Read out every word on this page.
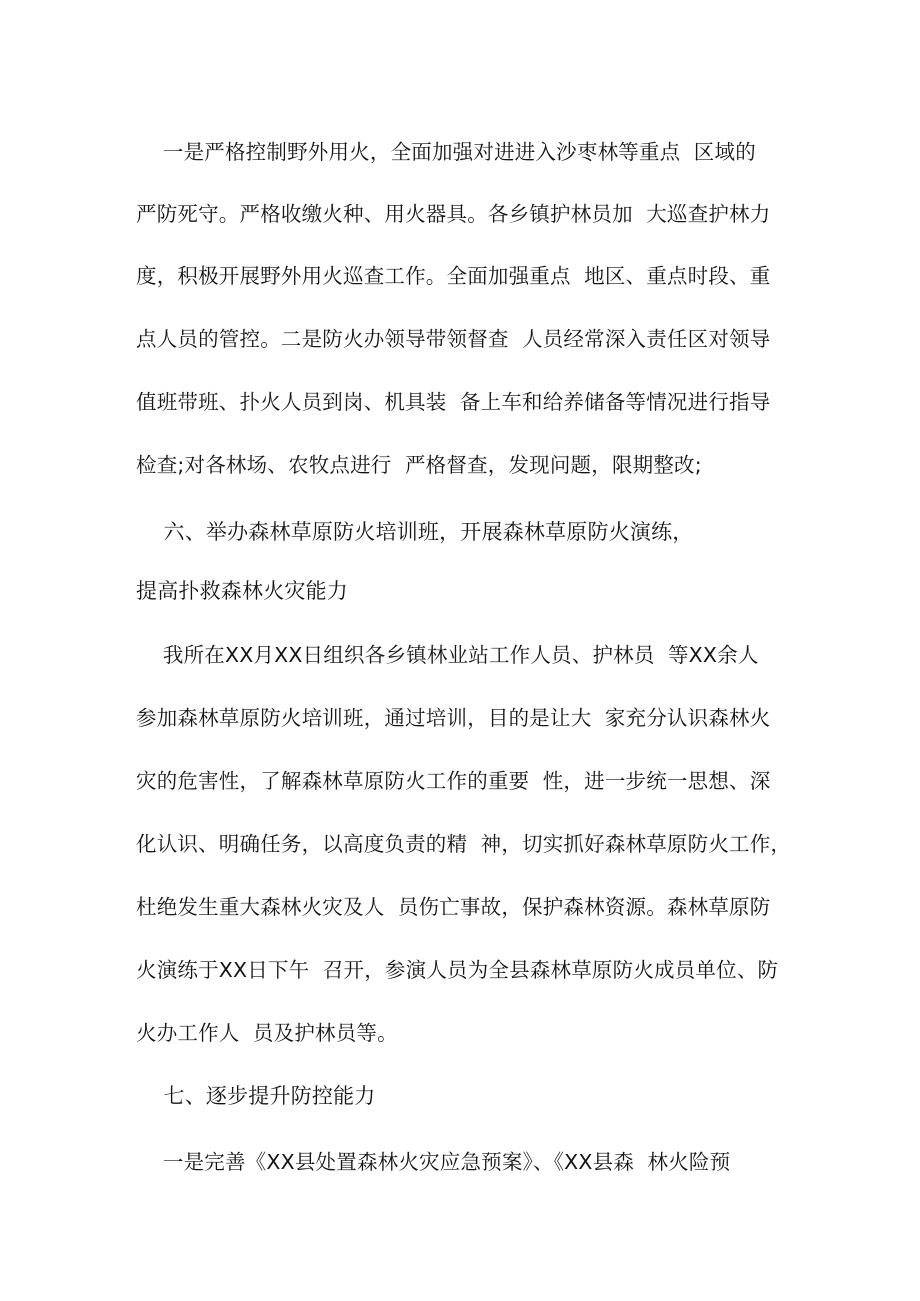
一是严格控制野外用火，全面加强对进进入沙枣林等重点  区域的

严防死守。严格收缴火种、用火器具。各乡镇护林员加  大巡查护林力

度，积极开展野外用火巡查工作。全面加强重点  地区、重点时段、重

点人员的管控。二是防火办领导带领督查  人员经常深入责任区对领导

值班带班、扑火人员到岗、机具装  备上车和给养储备等情况进行指导

检查;对各林场、农牧点进行  严格督查，发现问题，限期整改;

六、举办森林草原防火培训班，开展森林草原防火演练，

提高扑救森林火灾能力

我所在XX月XX日组织各乡镇林业站工作人员、护林员  等XX余人

参加森林草原防火培训班，通过培训，目的是让大  家充分认识森林火

灾的危害性，了解森林草原防火工作的重要  性，进一步统一思想、深

化认识、明确任务，以高度负责的精  神，切实抓好森林草原防火工作，

杜绝发生重大森林火灾及人  员伤亡事故，保护森林资源。森林草原防

火演练于XX日下午  召开，参演人员为全县森林草原防火成员单位、防

火办工作人  员及护林员等。

七、逐步提升防控能力

一是完善《XX县处置森林火灾应急预案》、《XX县森  林火险预
